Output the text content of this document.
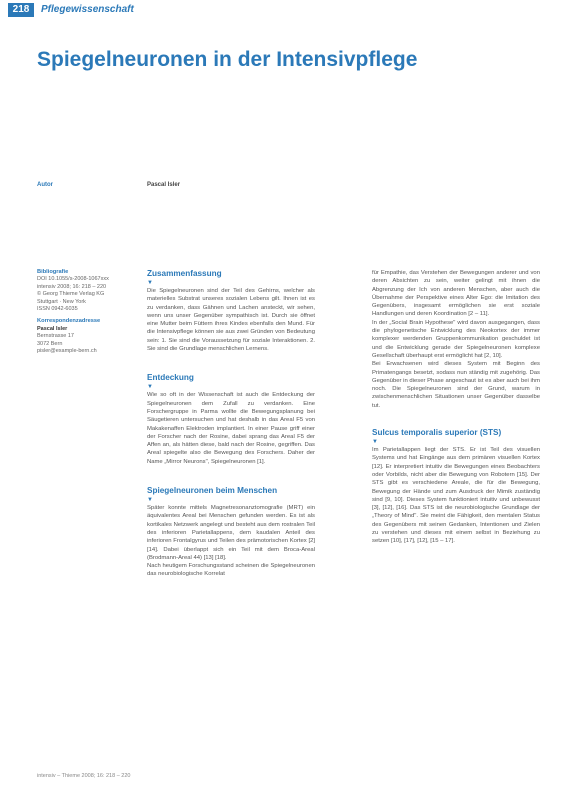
218	Pflegewissenschaft
Spiegelneuronen in der Intensivpflege
Autor	Pascal Isler
Bibliografie
DOI 10.1055/s-2008-1067xxx
intensiv 2008; 16: 218 – 220
© Georg Thieme Verlag KG
Stuttgart · New York
ISSN 0942-6035
Korrespondenzadresse
Pascal Isler
Bernstrasse 17
3072 Bern
pisler@example-bern.ch
Zusammenfassung
▼

Die Spiegelneuronen sind der Teil des Gehirns, welcher als materielles Substrat unseres sozialen Lebens gilt. Ihnen ist es zu verdanken, dass Gähnen und Lachen ansteckt, wir sehen, wenn uns unser Gegenüber sympathisch ist. Durch sie öffnet eine Mutter beim Füttern ihres Kindes ebenfalls den Mund. Für die Intensivpflege können sie aus zwei Gründen von Bedeutung sein: 1. Sie sind die Voraussetzung für soziale Interaktionen. 2. Sie sind die Grundlage menschlichen Lernens.

Entdeckung
▼

Wie so oft in der Wissenschaft ist auch die Entdeckung der Spiegelneuronen dem Zufall zu verdanken. Eine Forschergruppe in Parma wollte die Bewegungsplanung bei Säugetieren untersuchen und hat deshalb in das Areal F5 von Makakenaffen Elektroden implantiert. In einer Pause griff einer der Forscher nach der Rosine, dabei sprang das Areal F5 der Affen an, als hätten diese, bald nach der Rosine, gegriffen. Das Areal spiegelte also die Bewegung des Forschers. Daher der Name „Mirror Neurons", Spiegelneuronen [1].

Spiegelneuronen beim Menschen
▼

Später konnte mittels Magnetresonanztomografie (MRT) ein äquivalentes Areal bei Menschen gefunden werden. Es ist als kortikales Netzwerk angelegt und besteht aus dem rostralen Teil des inferioren Parietallappens, dem kaudalen Anteil des inferioren Frontalgyrus und Teilen des prämotorischen Kortex [2] [14]. Dabei überlappt sich ein Teil mit dem Broca-Areal (Brodmann-Areal 44) [13] [18].

Nach heutigem Forschungsstand scheinen die Spiegelneuronen das neurobiologische Korrelat

für Empathie, das Verstehen der Bewegungen anderer und von deren Absichten zu sein, weiter gelingt mit ihnen die Abgrenzung der Ich von anderen Menschen, aber auch die Übernahme der Perspektive eines Alter Ego: die Imitation des Gegenübers, insgesamt ermöglichen sie erst soziale Handlungen und deren Koordination [2 – 11].

In der „Social Brain Hypothese" wird davon ausgegangen, dass die phylogenetische Entwicklung des Neokortex der immer komplexer werdenden Gruppenkommunikation geschuldet ist und die Entwicklung gerade der Spiegelneuronen komplexe Gesellschaft überhaupt erst ermöglicht hat [2, 10].

Bei Erwachsenen wird dieses System mit Beginn des Primatengangs besetzt, sodass nun ständig mit zugehörig. Das Gegenüber in dieser Phase angeschaut ist es aber auch bei ihm noch. Die Spiegelneuronen sind der Grund, warum in zwischenmenschlichen Situationen unser Gegenüber dasselbe tut.

Sulcus temporalis superior (STS)
▼

Im Parietallappen liegt der STS. Er ist Teil des visuellen Systems und hat Eingänge aus dem primären visuellen Kortex [12]. Er interpretiert intuitiv die Bewegungen eines Beobachters oder Vorbilds, nicht aber die Bewegung von Robotern [15]. Der STS gibt es verschiedene Areale, die für die Bewegung, Bewegung der Hände und zum Ausdruck der Mimik zuständig sind [9, 10]. Dieses System funktioniert intuitiv und unbewusst [3], [12], [16]. Das STS ist die neurobiologische Grundlage der „Theory of Mind". Sie meint die Fähigkeit, den mentalen Status des Gegenübers mit seinen Gedanken, Intentionen und Zielen zu verstehen und dieses mit einem selbst in Beziehung zu setzen [10], [17], [12], [15 – 17].

intensiv – Thieme 2008; 16: 218 – 220
